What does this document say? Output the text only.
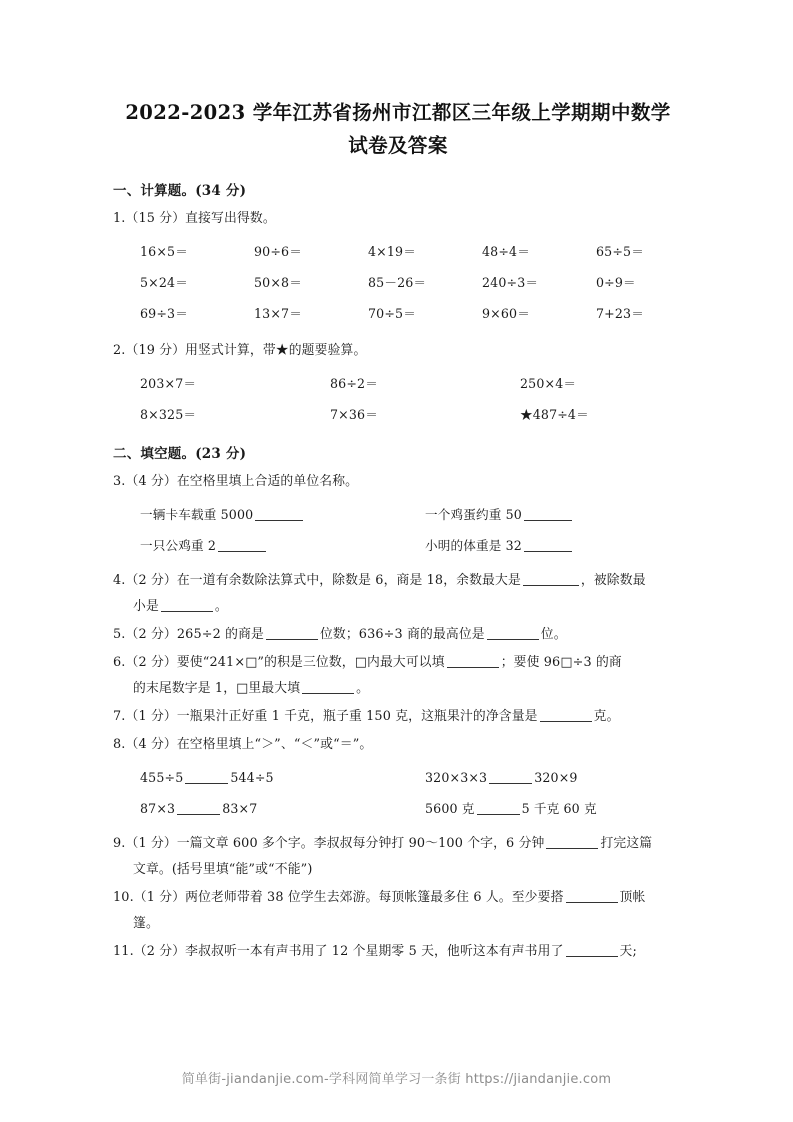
2022-2023 学年江苏省扬州市江都区三年级上学期期中数学
试卷及答案
一、计算题。(34 分)
1.（15 分）直接写出得数。
16×5＝	90÷6＝	4×19＝	48÷4＝	65÷5＝
5×24＝	50×8＝	85－26＝	240÷3＝	0÷9＝
69÷3＝	13×7＝	70÷5＝	9×60＝	7+23＝
2.（19 分）用竖式计算，带★的题要验算。
203×7＝	86÷2＝	250×4＝
8×325＝	7×36＝	★487÷4＝
二、填空题。(23 分)
3.（4 分）在空格里填上合适的单位名称。
一辆卡车载重 5000	一个鸡蛋约重 50
一只公鸡重 2	小明的体重是 32
4.（2 分）在一道有余数除法算式中，除数是 6，商是 18，余数最大是	，被除数最
小是	。
5.（2 分）265÷2 的商是	位数；636÷3 商的最高位是	位。
6.（2 分）要使“241×□”的积是三位数，□内最大可以填	；要使 96□÷3 的商
的末尾数字是 1，□里最大填	。
7.（1 分）一瓶果汁正好重 1 千克，瓶子重 150 克，这瓶果汁的净含量是	克。
8.（4 分）在空格里填上“＞”、“＜”或“＝”。
455÷5	544÷5	320×3×3	320×9
87×3	83×7	5600 克	5 千克 60 克
9.（1 分）一篇文章 600 多个字。李叔叔每分钟打 90～100 个字，6 分钟	打完这篇
文章。(括号里填“能”或“不能”)
10.（1 分）两位老师带着 38 位学生去郊游。每顶帐篷最多住 6 人。至少要搭	顶帐
篷。
11.（2 分）李叔叔听一本有声书用了 12 个星期零 5 天，他听这本有声书用了	天;
简单街-jiandanjie.com-学科网简单学习一条街 https://jiandanjie.com
